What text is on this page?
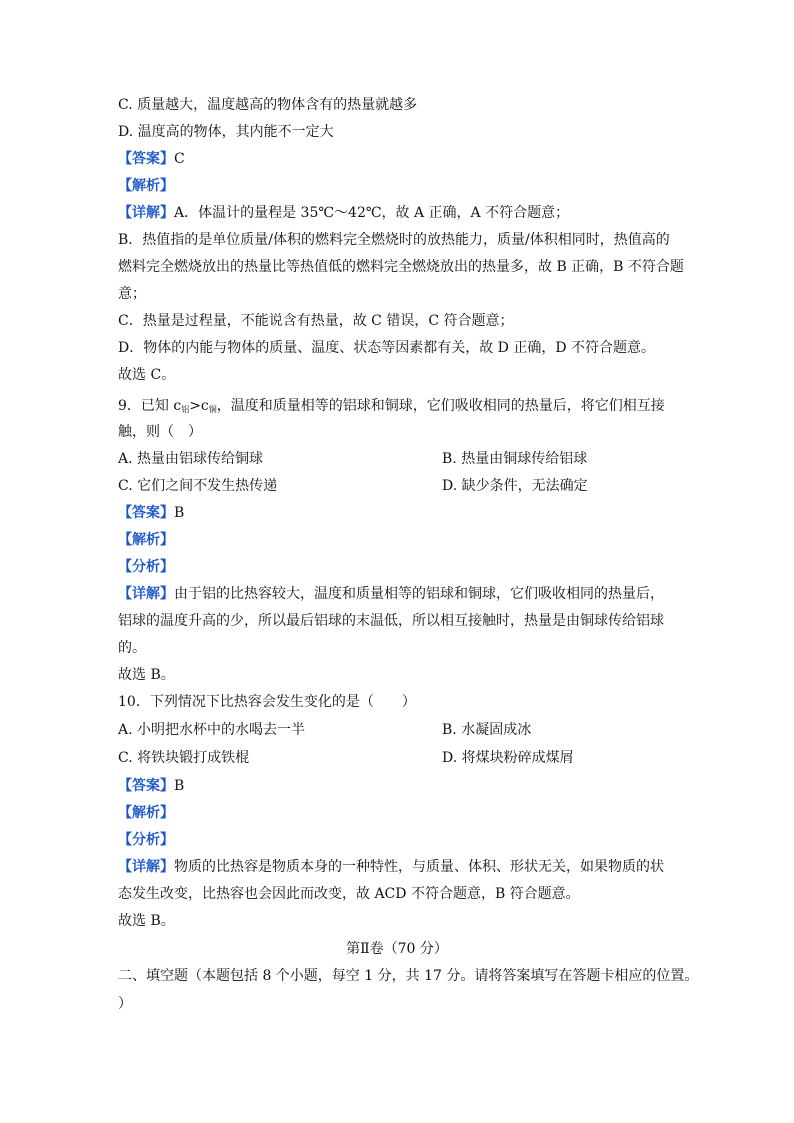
C. 质量越大，温度越高的物体含有的热量就越多
D. 温度高的物体，其内能不一定大
【答案】C
【解析】
【详解】A．体温计的量程是 35℃～42℃，故 A 正确，A 不符合题意；
B．热值指的是单位质量/体积的燃料完全燃烧时的放热能力，质量/体积相同时，热值高的
燃料完全燃烧放出的热量比等热值低的燃料完全燃烧放出的热量多，故 B 正确，B 不符合题
意；
C．热量是过程量，不能说含有热量，故 C 错误，C 符合题意；
D．物体的内能与物体的质量、温度、状态等因素都有关，故 D 正确，D 不符合题意。
故选 C。
9．已知 $c_铝>c_铜$，温度和质量相等的铝球和铜球，它们吸收相同的热量后，将它们相互接
触，则（　）
A. 热量由铝球传给铜球	B. 热量由铜球传给铝球
C. 它们之间不发生热传递	D. 缺少条件，无法确定
【答案】B
【解析】
【分析】
【详解】由于铝的比热容较大，温度和质量相等的铝球和铜球，它们吸收相同的热量后，
铝球的温度升高的少，所以最后铝球的末温低，所以相互接触时，热量是由铜球传给铝球
的。
故选 B。
10．下列情况下比热容会发生变化的是（　　）
A. 小明把水杯中的水喝去一半	B. 水凝固成冰
C. 将铁块锻打成铁棍	D. 将煤块粉碎成煤屑
【答案】B
【解析】
【分析】
【详解】物质的比热容是物质本身的一种特性，与质量、体积、形状无关，如果物质的状
态发生改变，比热容也会因此而改变，故 ACD 不符合题意，B 符合题意。
故选 B。
第Ⅱ卷（70 分）
二、填空题（本题包括 8 个小题，每空 1 分，共 17 分。请将答案填写在答题卡相应的位置。
）
